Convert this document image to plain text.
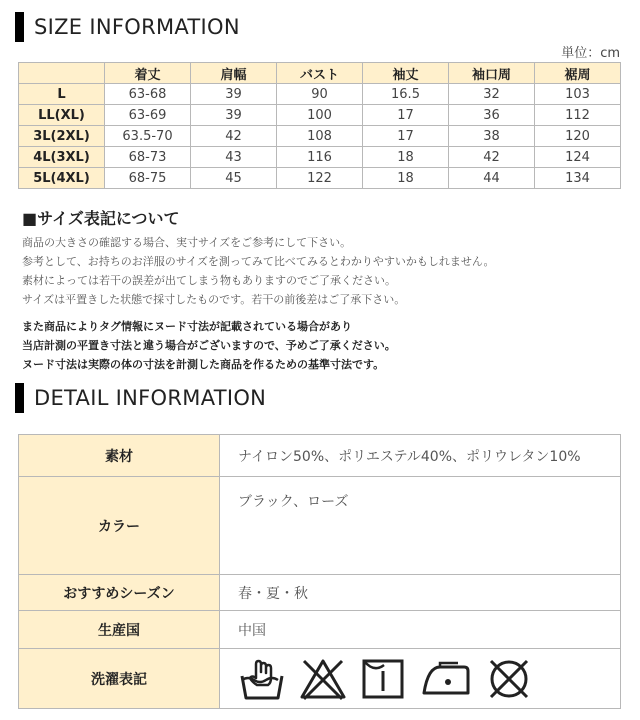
SIZE INFORMATION
単位：cm
	着丈	肩幅	バスト	袖丈	袖口周	裾周
L	63-68	39	90	16.5	32	103
LL(XL)	63-69	39	100	17	36	112
3L(2XL)	63.5-70	42	108	17	38	120
4L(3XL)	68-73	43	116	18	42	124
5L(4XL)	68-75	45	122	18	44	134
■サイズ表記について
商品の大きさの確認する場合、実寸サイズをご参考にして下さい。
参考として、お持ちのお洋服のサイズを測ってみて比べてみるとわかりやすいかもしれません。
素材によっては若干の誤差が出てしまう物もありますのでご了承ください。
サイズは平置きした状態で採寸したものです。若干の前後差はご了承下さい。
また商品によりタグ情報にヌード寸法が記載されている場合があり
当店計測の平置き寸法と違う場合がございますので、予めご了承ください。
ヌード寸法は実際の体の寸法を計測した商品を作るための基準寸法です。
DETAIL INFORMATION
素材	ナイロン50%、ポリエステル40%、ポリウレタン10%
カラー	ブラック、ローズ
おすすめシーズン	春・夏・秋
生産国	中国
洗濯表記	
